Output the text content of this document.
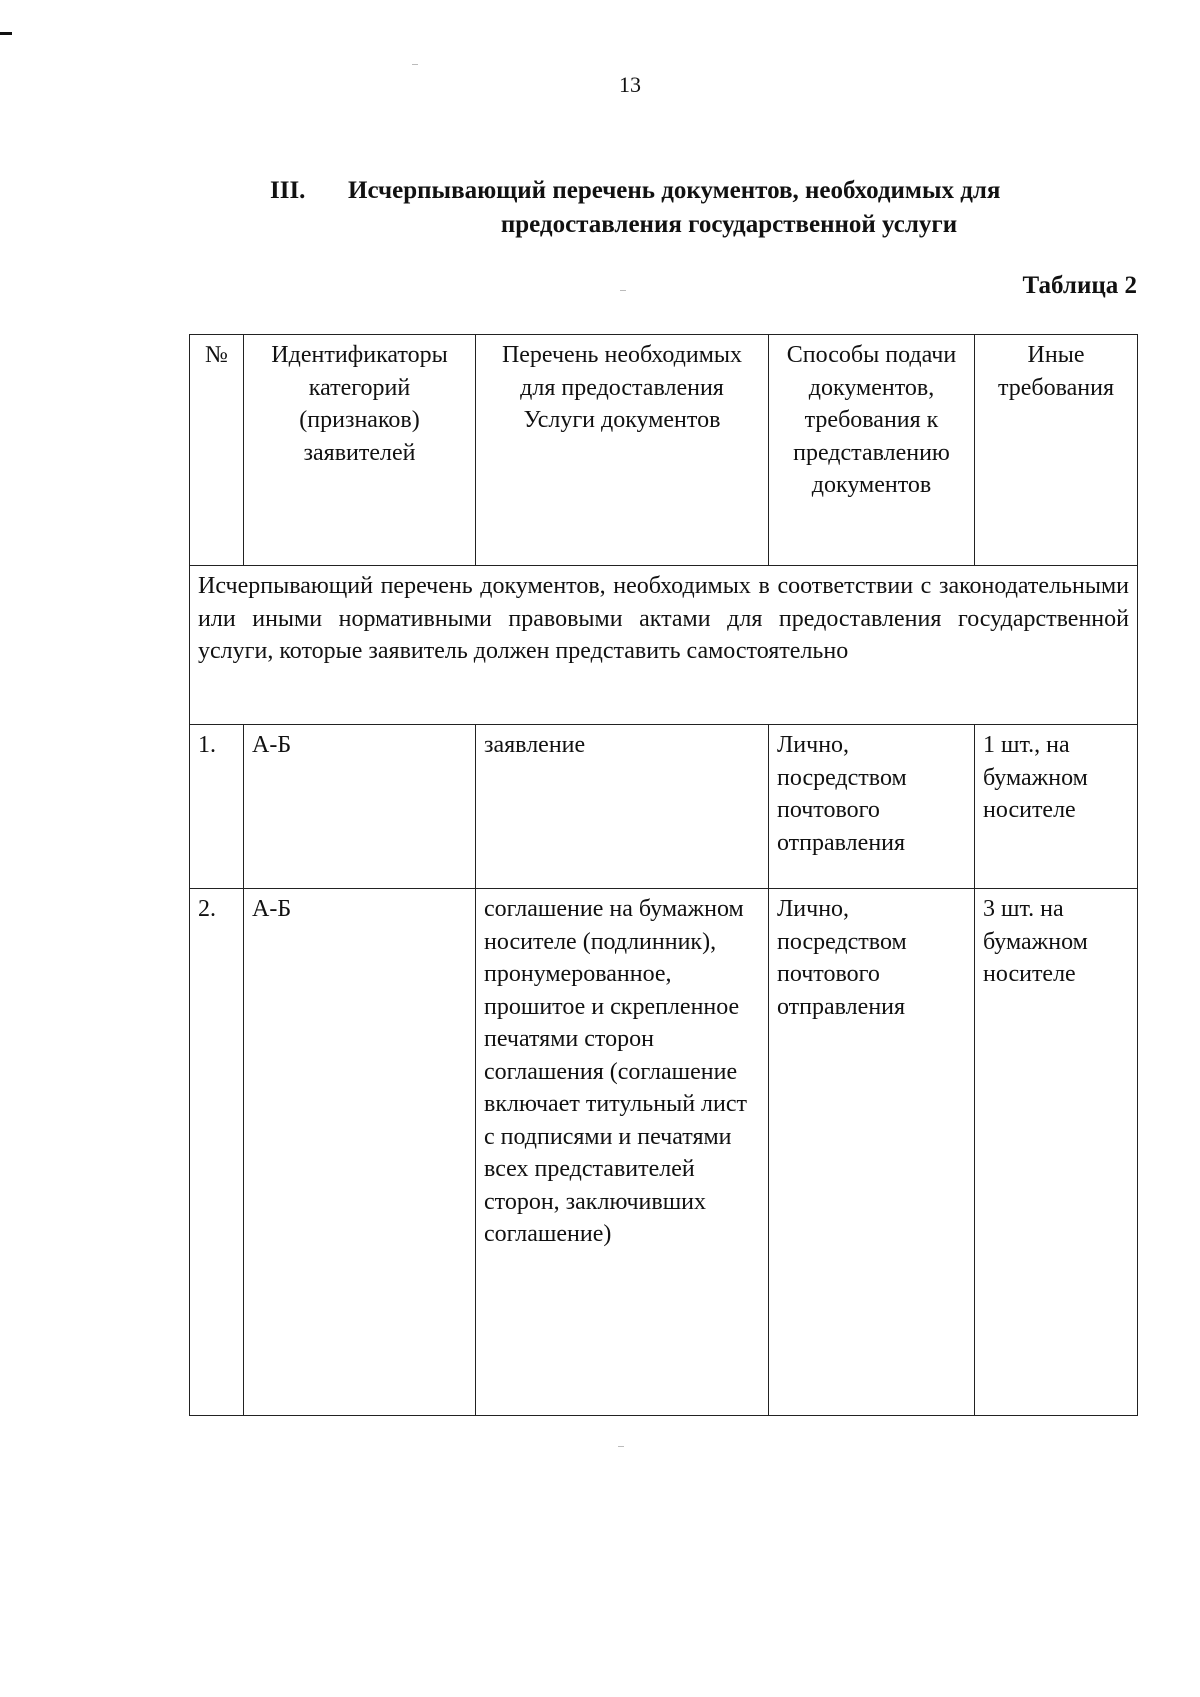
13
III.	Исчерпывающий перечень документов, необходимых для
предоставления государственной услуги
Таблица 2
№	Идентификаторы категорий (признаков) заявителей	Перечень необходимых для предоставления Услуги документов	Способы подачи документов, требования к представлению документов	Иные требования
Исчерпывающий перечень документов, необходимых в соответствии с законодательными или иными нормативными правовыми актами для предоставления государственной услуги, которые заявитель должен представить самостоятельно				
1.	А-Б	заявление	Лично, посредством почтового отправления	1 шт., на бумажном носителе
2.	А-Б	соглашение на бумажном носителе (подлинник), пронумерованное, прошитое и скрепленное печатями сторон соглашения (соглашение включает титульный лист с подписями и печатями всех представителей сторон, заключивших соглашение)	Лично, посредством почтового отправления	3 шт. на бумажном носителе
